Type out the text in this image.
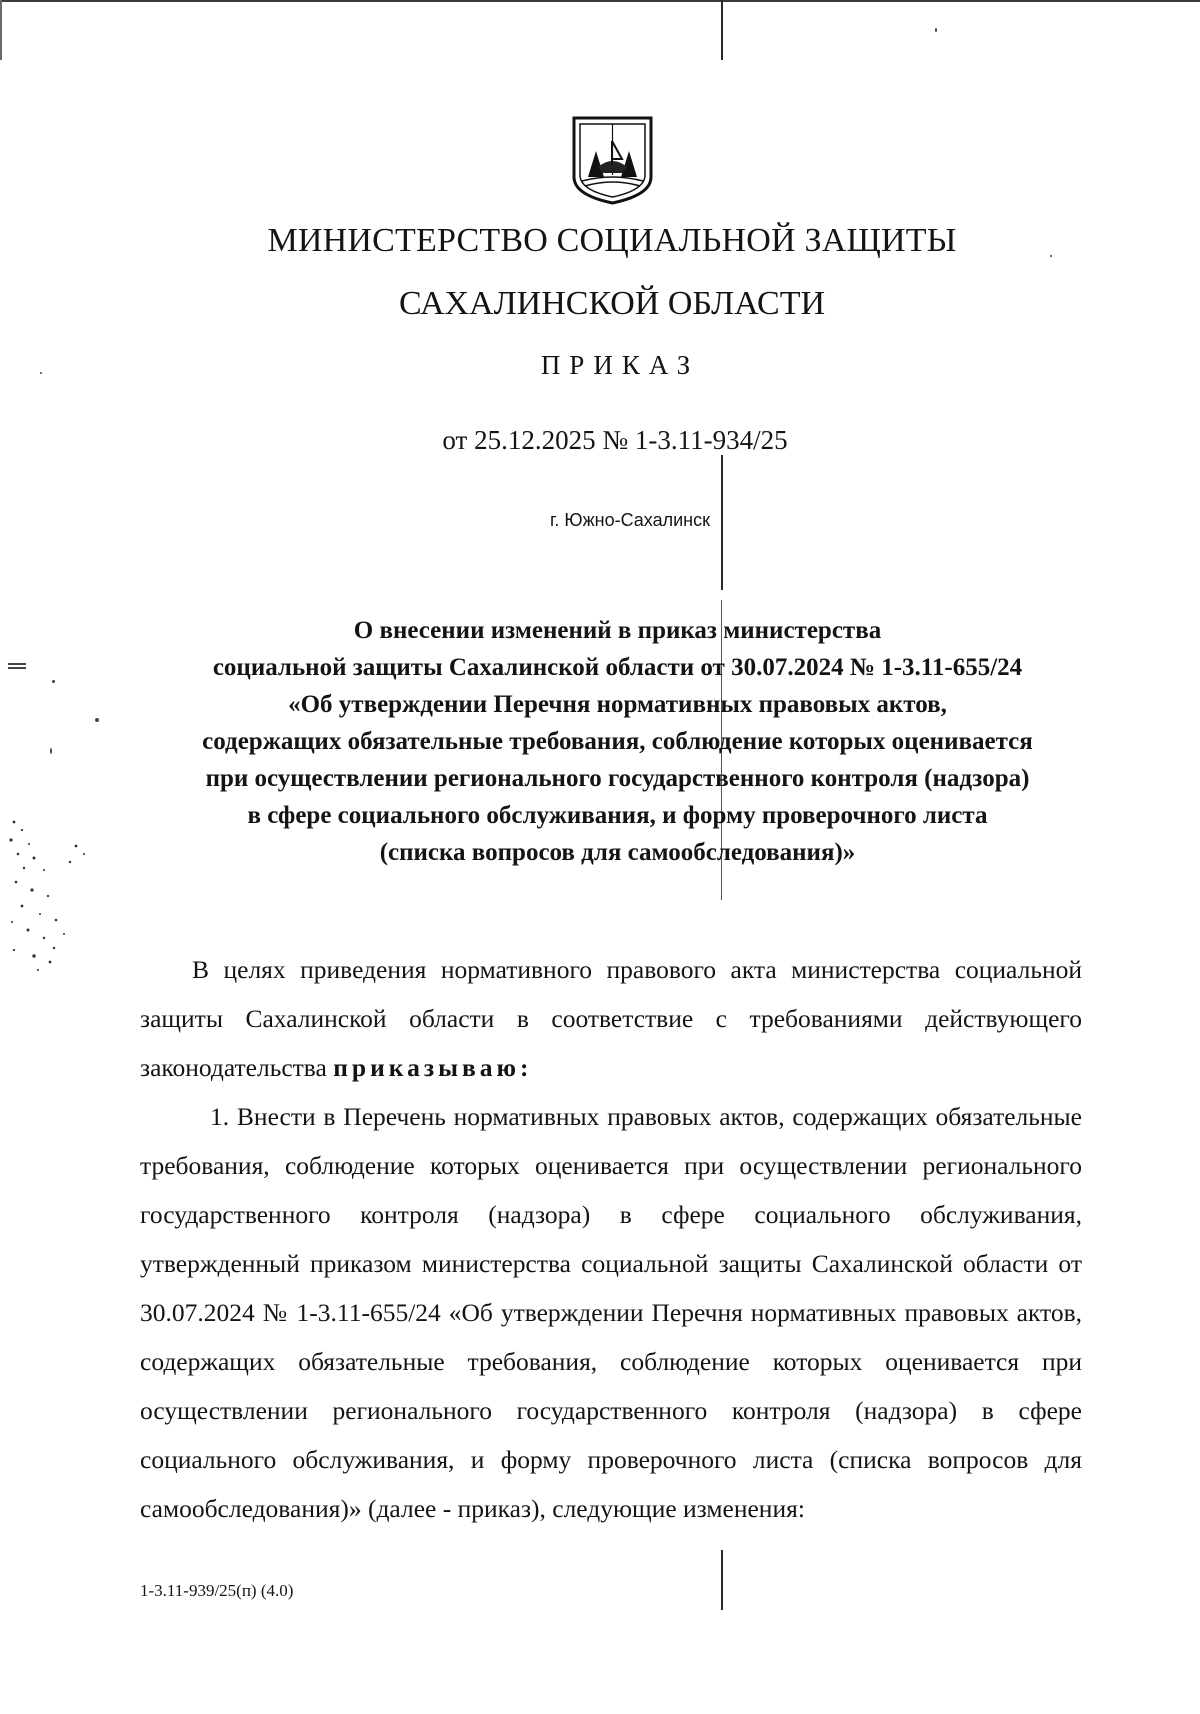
МИНИСТЕРСТВО СОЦИАЛЬНОЙ ЗАЩИТЫ
САХАЛИНСКОЙ ОБЛАСТИ
ПРИКАЗ
от 25.12.2025 № 1-3.11-934/25
г. Южно-Сахалинск
О внесении изменений в приказ министерства
социальной защиты Сахалинской области от 30.07.2024 № 1-3.11-655/24
«Об утверждении Перечня нормативных правовых актов,
содержащих обязательные требования, соблюдение которых оценивается
при осуществлении регионального государственного контроля (надзора)
в сфере социального обслуживания, и форму проверочного листа
(списка вопросов для самообследования)»
В целях приведения нормативного правового акта министерства социальной защиты Сахалинской области в соответствие с требованиями действующего законодательства приказываю:
1. Внести в Перечень нормативных правовых актов, содержащих обязательные требования, соблюдение которых оценивается при осуществлении регионального государственного контроля (надзора) в сфере социального обслуживания, утвержденный приказом министерства социальной защиты Сахалинской области от 30.07.2024 № 1-3.11-655/24 «Об утверждении Перечня нормативных правовых актов, содержащих обязательные требования, соблюдение которых оценивается при осуществлении регионального государственного контроля (надзора) в сфере социального обслуживания, и форму проверочного листа (списка вопросов для самообследования)» (далее - приказ), следующие изменения:
1-3.11-939/25(п) (4.0)
